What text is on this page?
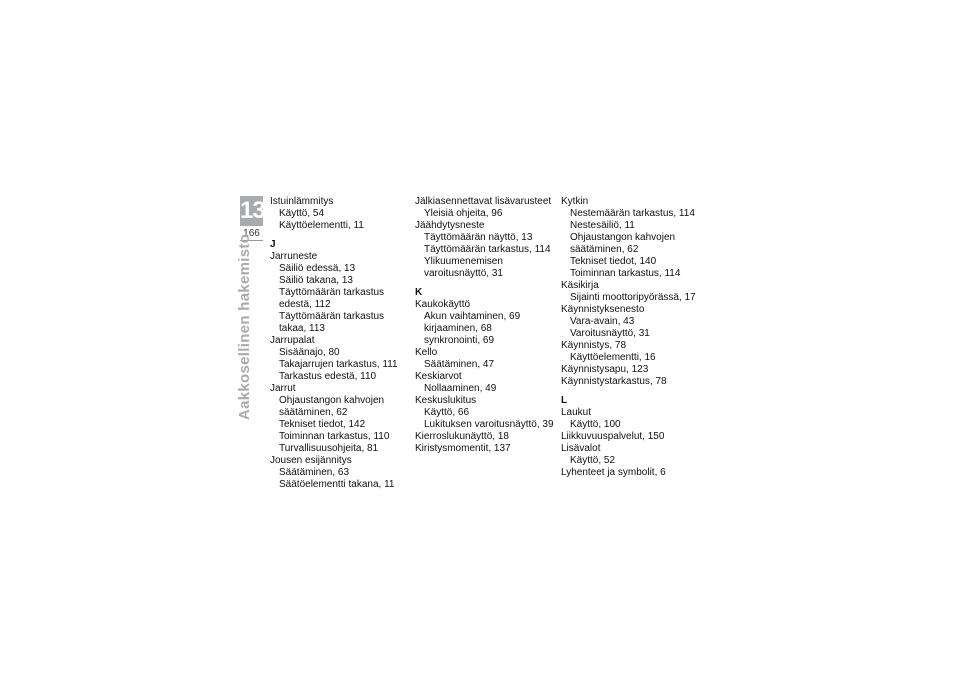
13
166
Aakkosellinen hakemisto
Istuinlämmitys
Käyttö, 54
Käyttöelementti, 11
J
Jarruneste
Säiliö edessä, 13
Säiliö takana, 13
Täyttömäärän tarkastus
edestä, 112
Täyttömäärän tarkastus
takaa, 113
Jarrupalat
Sisäänajo, 80
Takajarrujen tarkastus, 111
Tarkastus edestä, 110
Jarrut
Ohjaustangon kahvojen
säätäminen, 62
Tekniset tiedot, 142
Toiminnan tarkastus, 110
Turvallisuusohjeita, 81
Jousen esijännitys
Säätäminen, 63
Säätöelementti takana, 11
Jälkiasennettavat lisävarusteet
Yleisiä ohjeita, 96
Jäähdytysneste
Täyttömäärän näyttö, 13
Täyttömäärän tarkastus, 114
Ylikuumenemisen
varoitusnäyttö, 31
K
Kaukokäyttö
Akun vaihtaminen, 69
kirjaaminen, 68
synkronointi, 69
Kello
Säätäminen, 47
Keskiarvot
Nollaaminen, 49
Keskuslukitus
Käyttö, 66
Lukituksen varoitusnäyttö, 39
Kierroslukunäyttö, 18
Kiristysmomentit, 137
Kytkin
Nestemäärän tarkastus, 114
Nestesäiliö, 11
Ohjaustangon kahvojen
säätäminen, 62
Tekniset tiedot, 140
Toiminnan tarkastus, 114
Käsikirja
Sijainti moottoripyörässä, 17
Käynnistyksenesto
Vara-avain, 43
Varoitusnäyttö, 31
Käynnistys, 78
Käyttöelementti, 16
Käynnistysapu, 123
Käynnistystarkastus, 78
L
Laukut
Käyttö, 100
Liikkuvuuspalvelut, 150
Lisävalot
Käyttö, 52
Lyhenteet ja symbolit, 6
